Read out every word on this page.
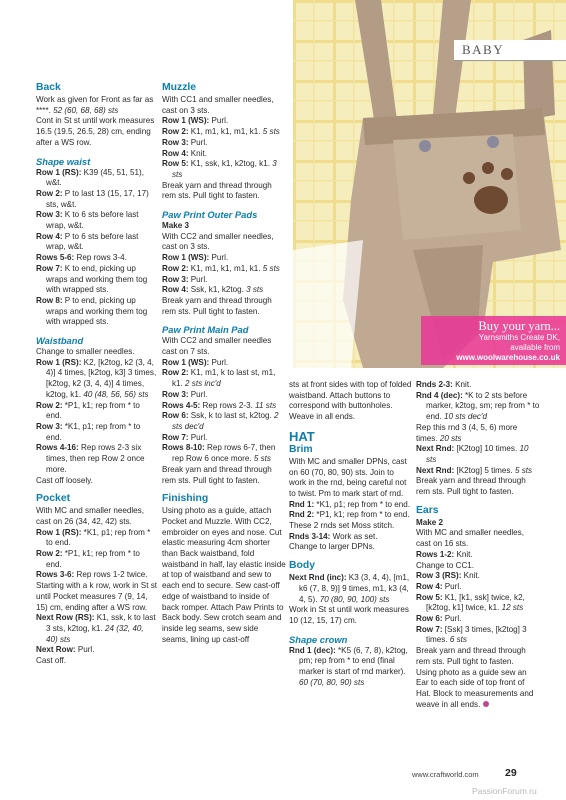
BABY
Buy your yarn...
Yarnsmiths Create DK,
available from
www.woolwarehouse.co.uk
Back

Work as given for Front as far as ****. 52 (60, 68, 68) sts

Cont in St st until work measures 16.5 (19.5, 26.5, 28) cm, ending after a WS row.

Shape waist

Row 1 (RS): K39 (45, 51, 51), w&t.

Row 2: P to last 13 (15, 17, 17) sts, w&t.

Row 3: K to 6 sts before last wrap, w&t.

Row 4: P to 6 sts before last wrap, w&t.

Rows 5-6: Rep rows 3-4.

Row 7: K to end, picking up wraps and working them tog with wrapped sts.

Row 8: P to end, picking up wraps and working them tog with wrapped sts.

Waistband

Change to smaller needles.

Row 1 (RS): K2, [k2tog, k2 (3, 4, 4)] 4 times, [k2tog, k3] 3 times, [k2tog, k2 (3, 4, 4)] 4 times, k2tog, k1. 40 (48, 56, 56) sts

Row 2: *P1, k1; rep from * to end.

Row 3: *K1, p1; rep from * to end.

Rows 4-16: Rep rows 2-3 six times, then rep Row 2 once more.

Cast off loosely.

Pocket

With MC and smaller needles, cast on 26 (34, 42, 42) sts.

Row 1 (RS): *K1, p1; rep from * to end.

Row 2: *P1, k1; rep from * to end.

Rows 3-6: Rep rows 1-2 twice.

Starting with a k row, work in St st until Pocket measures 7 (9, 14, 15) cm, ending after a WS row.

Next Row (RS): K1, ssk, k to last 3 sts, k2tog, k1. 24 (32, 40, 40) sts

Next Row: Purl.

Cast off.

Muzzle

With CC1 and smaller needles, cast on 3 sts.

Row 1 (WS): Purl.

Row 2: K1, m1, k1, m1, k1. 5 sts

Row 3: Purl.

Row 4: Knit.

Row 5: K1, ssk, k1, k2tog, k1. 3 sts

Break yarn and thread through rem sts. Pull tight to fasten.

Paw Print Outer Pads

Make 3

With CC2 and smaller needles, cast on 3 sts.

Row 1 (WS): Purl.

Row 2: K1, m1, k1, m1, k1. 5 sts

Row 3: Purl.

Row 4: Ssk, k1, k2tog. 3 sts

Break yarn and thread through rem sts. Pull tight to fasten.

Paw Print Main Pad

With CC2 and smaller needles cast on 7 sts.

Row 1 (WS): Purl.

Row 2: K1, m1, k to last st, m1, k1. 2 sts inc'd

Row 3: Purl.

Rows 4-5: Rep rows 2-3. 11 sts

Row 6: Ssk, k to last st, k2tog. 2 sts dec'd

Row 7: Purl.

Rows 8-10: Rep rows 6-7, then rep Row 6 once more. 5 sts

Break yarn and thread through rem sts. Pull tight to fasten.

Finishing

Using photo as a guide, attach Pocket and Muzzle. With CC2, embroider on eyes and nose. Cut elastic measuring 4cm shorter than Back waistband, fold waistband in half, lay elastic inside at top of waistband and sew to each end to secure. Sew cast-off edge of waistband to inside of back romper. Attach Paw Prints to Back body. Sew crotch seam and inside leg seams, sew side seams, lining up cast-off

sts at front sides with top of folded waistband. Attach buttons to correspond with buttonholes. Weave in all ends.

HAT
Brim

With MC and smaller DPNs, cast on 60 (70, 80, 90) sts. Join to work in the rnd, being careful not to twist. Pm to mark start of rnd.

Rnd 1: *K1, p1; rep from * to end.

Rnd 2: *P1, k1; rep from * to end.

These 2 rnds set Moss stitch.

Rnds 3-14: Work as set.

Change to larger DPNs.

Body

Next Rnd (inc): K3 (3, 4, 4), [m1, k6 (7, 8, 9)] 9 times, m1, k3 (4, 4, 5). 70 (80, 90, 100) sts

Work in St st until work measures 10 (12, 15, 17) cm.

Shape crown

Rnd 1 (dec): *K5 (6, 7, 8), k2tog, pm; rep from * to end (final marker is start of rnd marker). 60 (70, 80, 90) sts

Rnds 2-3: Knit.

Rnd 4 (dec): *K to 2 sts before marker, k2tog, sm; rep from * to end. 10 sts dec'd

Rep this rnd 3 (4, 5, 6) more times. 20 sts

Next Rnd: [K2tog] 10 times. 10 sts

Next Rnd: [K2tog] 5 times. 5 sts

Break yarn and thread through rem sts. Pull tight to fasten.

Ears

Make 2

With MC and smaller needles, cast on 16 sts.

Rows 1-2: Knit.

Change to CC1.

Row 3 (RS): Knit.

Row 4: Purl.

Row 5: K1, [k1, ssk] twice, k2, [k2tog, k1] twice, k1. 12 sts

Row 6: Purl.

Row 7: [Ssk] 3 times, [k2tog] 3 times. 6 sts

Break yarn and thread through rem sts. Pull tight to fasten.

Using photo as a guide sew an Ear to each side of top front of Hat. Block to measurements and weave in all ends.

www.craftworld.com	29
PassionForum.ru
